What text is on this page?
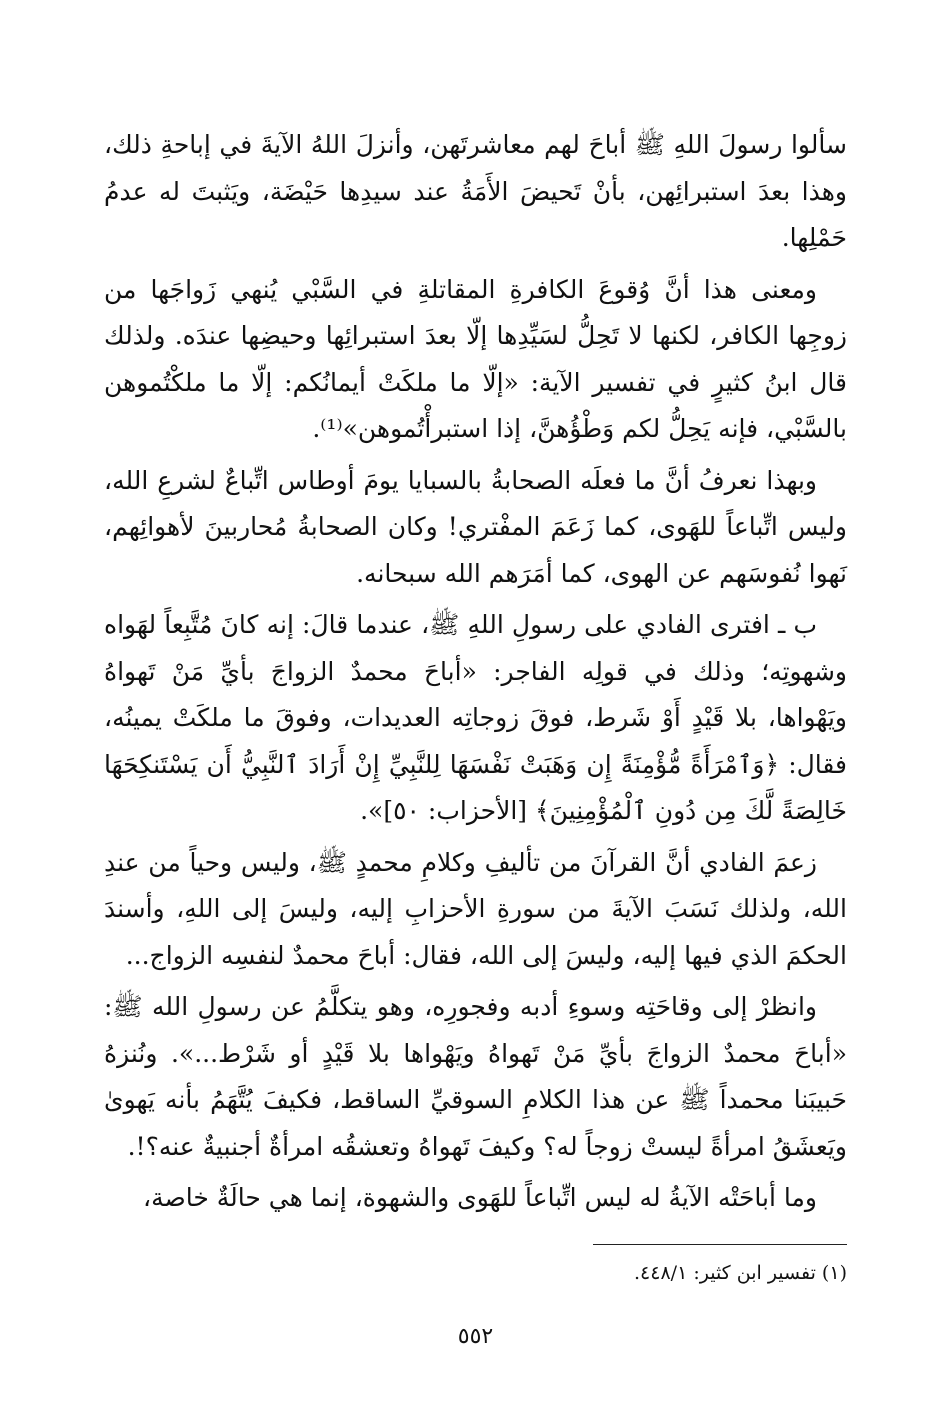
سألوا رسولَ اللهِ ﷺ أباحَ لهم معاشرتَهن، وأنزلَ اللهُ الآيةَ في إباحةِ ذلك، وهذا بعدَ استبرائِهن، بأنْ تَحيضَ الأَمَةُ عند سيدِها حَيْضَة، ويَثبتَ له عدمُ حَمْلِها.

ومعنى هذا أنَّ وُقوعَ الكافرةِ المقاتلةِ في السَّبْي يُنهي زَواجَها من زوجِها الكافر، لكنها لا تَحِلُّ لسَيِّدِها إلّا بعدَ استبرائِها وحيضِها عندَه. ولذلك قال ابنُ كثيرٍ في تفسير الآية: «إلّا ما ملكَتْ أيمانُكم: إلّا ما ملكْتُموهن بالسَّبْي، فإنه يَحِلُّ لكم وَطْؤُهنَّ، إذا استبرأْتُموهن»⁽¹⁾.

وبهذا نعرفُ أنَّ ما فعلَه الصحابةُ بالسبايا يومَ أوطاس اتِّباعٌ لشرعِ الله، وليس اتِّباعاً للهَوى، كما زَعَمَ المفْتري! وكان الصحابةُ مُحاربينَ لأهوائِهم، نَهوا نُفوسَهم عن الهوى، كما أمَرَهم الله سبحانه.

ب ـ افترى الفادي على رسولِ اللهِ ﷺ، عندما قالَ: إنه كانَ مُتَّبِعاً لهَواه وشهوتِه؛ وذلك في قولِه الفاجر: «أباحَ محمدٌ الزواجَ بأيِّ مَنْ تَهواهُ ويَهْواها، بلا قَيْدٍ أَوْ شَرط، فوقَ زوجاتِه العديدات، وفوقَ ما ملكَتْ يمينُه، فقال: ﴿وَٱمْرَأَةً مُّؤْمِنَةً إِن وَهَبَتْ نَفْسَهَا لِلنَّبِيِّ إِنْ أَرَادَ ٱلنَّبِيُّ أَن يَسْتَنكِحَهَا خَالِصَةً لَّكَ مِن دُونِ ٱلْمُؤْمِنِينَ﴾ [الأحزاب: ٥٠]».

زعمَ الفادي أنَّ القرآنَ من تأليفِ وكلامِ محمدٍ ﷺ، وليس وحياً من عندِ الله، ولذلك نَسَبَ الآيةَ من سورةِ الأحزابِ إليه، وليسَ إلى اللهِ، وأسندَ الحكمَ الذي فيها إليه، وليسَ إلى الله، فقال: أباحَ محمدٌ لنفسِه الزواج...

وانظرْ إلى وقاحَتِه وسوءِ أدبه وفجورِه، وهو يتكلَّمُ عن رسولِ الله ﷺ: «أباحَ محمدٌ الزواجَ بأيِّ مَنْ تَهواهُ ويَهْواها بلا قَيْدٍ أو شَرْط...». ونُنزهُ حَبيبَنا محمداً ﷺ عن هذا الكلامِ السوقيِّ الساقط، فكيفَ يُتَّهَمُ بأنه يَهوىٰ ويَعشَقُ امرأةً ليستْ زوجاً له؟ وكيفَ تَهواهُ وتعشقُه امرأةٌ أجنبيةٌ عنه؟!.

وما أباحَتْه الآيةُ له ليس اتِّباعاً للهَوى والشهوة، إنما هي حالَةٌ خاصة،

(١) تفسير ابن كثير: ٤٤٨/١.
٥٥٢
